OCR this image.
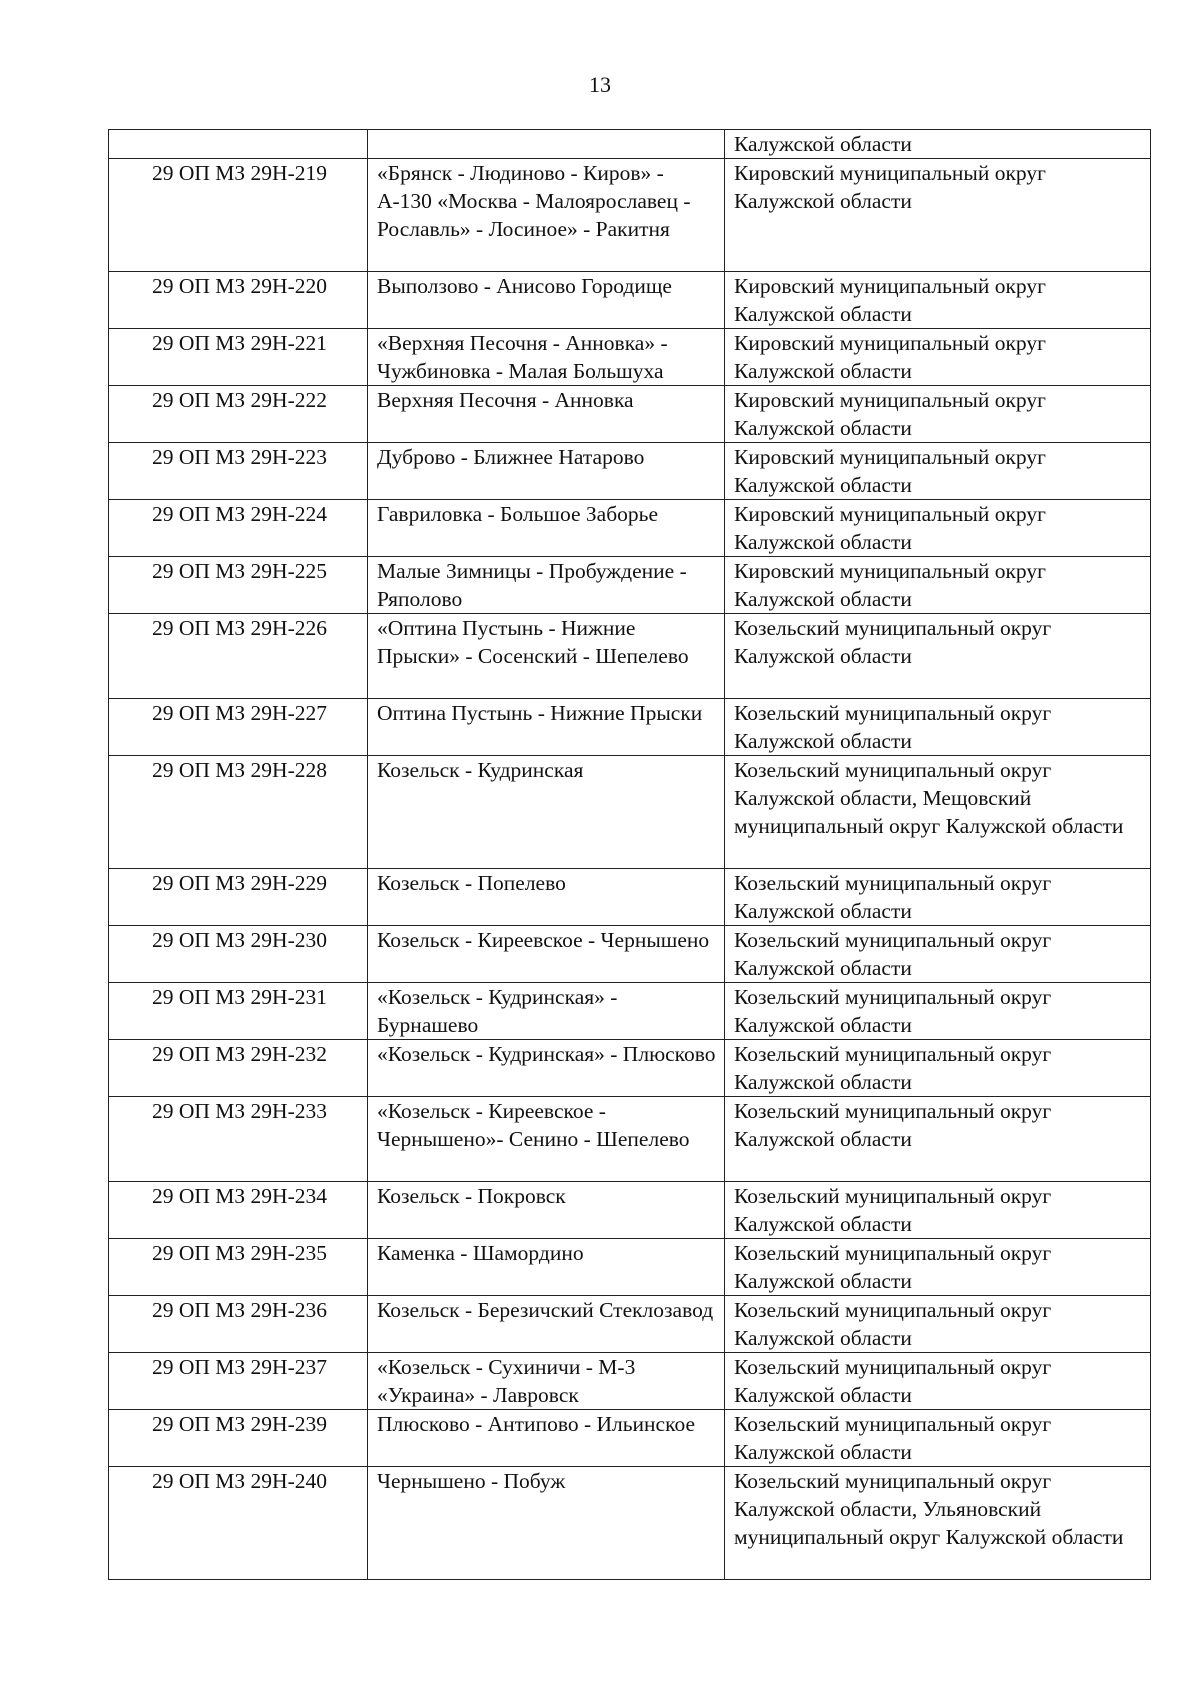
13
		Калужской области
29 ОП МЗ 29Н-219	«Брянск - Людиново - Киров» - А-130 «Москва - Малоярославец - Рославль» - Лосиное» - Ракитня	Кировский муниципальный округ Калужской области
29 ОП МЗ 29Н-220	Выползово - Анисово Городище	Кировский муниципальный округ Калужской области
29 ОП МЗ 29Н-221	«Верхняя Песочня - Анновка» - Чужбиновка - Малая Большуха	Кировский муниципальный округ Калужской области
29 ОП МЗ 29Н-222	Верхняя Песочня - Анновка	Кировский муниципальный округ Калужской области
29 ОП МЗ 29Н-223	Дуброво - Ближнее Натарово	Кировский муниципальный округ Калужской области
29 ОП МЗ 29Н-224	Гавриловка - Большое Заборье	Кировский муниципальный округ Калужской области
29 ОП МЗ 29Н-225	Малые Зимницы - Пробуждение - Ряполово	Кировский муниципальный округ Калужской области
29 ОП МЗ 29Н-226	«Оптина Пустынь - Нижние Прыски» - Сосенский - Шепелево	Козельский муниципальный округ Калужской области
29 ОП МЗ 29Н-227	Оптина Пустынь - Нижние Прыски	Козельский муниципальный округ Калужской области
29 ОП МЗ 29Н-228	Козельск - Кудринская	Козельский муниципальный округ Калужской области, Мещовский муниципальный округ Калужской области
29 ОП МЗ 29Н-229	Козельск - Попелево	Козельский муниципальный округ Калужской области
29 ОП МЗ 29Н-230	Козельск - Киреевское - Чернышено	Козельский муниципальный округ Калужской области
29 ОП МЗ 29Н-231	«Козельск - Кудринская» - Бурнашево	Козельский муниципальный округ Калужской области
29 ОП МЗ 29Н-232	«Козельск - Кудринская» - Плюсково	Козельский муниципальный округ Калужской области
29 ОП МЗ 29Н-233	«Козельск - Киреевское - Чернышено»- Сенино - Шепелево	Козельский муниципальный округ Калужской области
29 ОП МЗ 29Н-234	Козельск - Покровск	Козельский муниципальный округ Калужской области
29 ОП МЗ 29Н-235	Каменка - Шамордино	Козельский муниципальный округ Калужской области
29 ОП МЗ 29Н-236	Козельск - Березичский Стеклозавод	Козельский муниципальный округ Калужской области
29 ОП МЗ 29Н-237	«Козельск - Сухиничи - М-3 «Украина» - Лавровск	Козельский муниципальный округ Калужской области
29 ОП МЗ 29Н-239	Плюсково - Антипово - Ильинское	Козельский муниципальный округ Калужской области
29 ОП МЗ 29Н-240	Чернышено - Побуж	Козельский муниципальный округ Калужской области, Ульяновский муниципальный округ Калужской области
